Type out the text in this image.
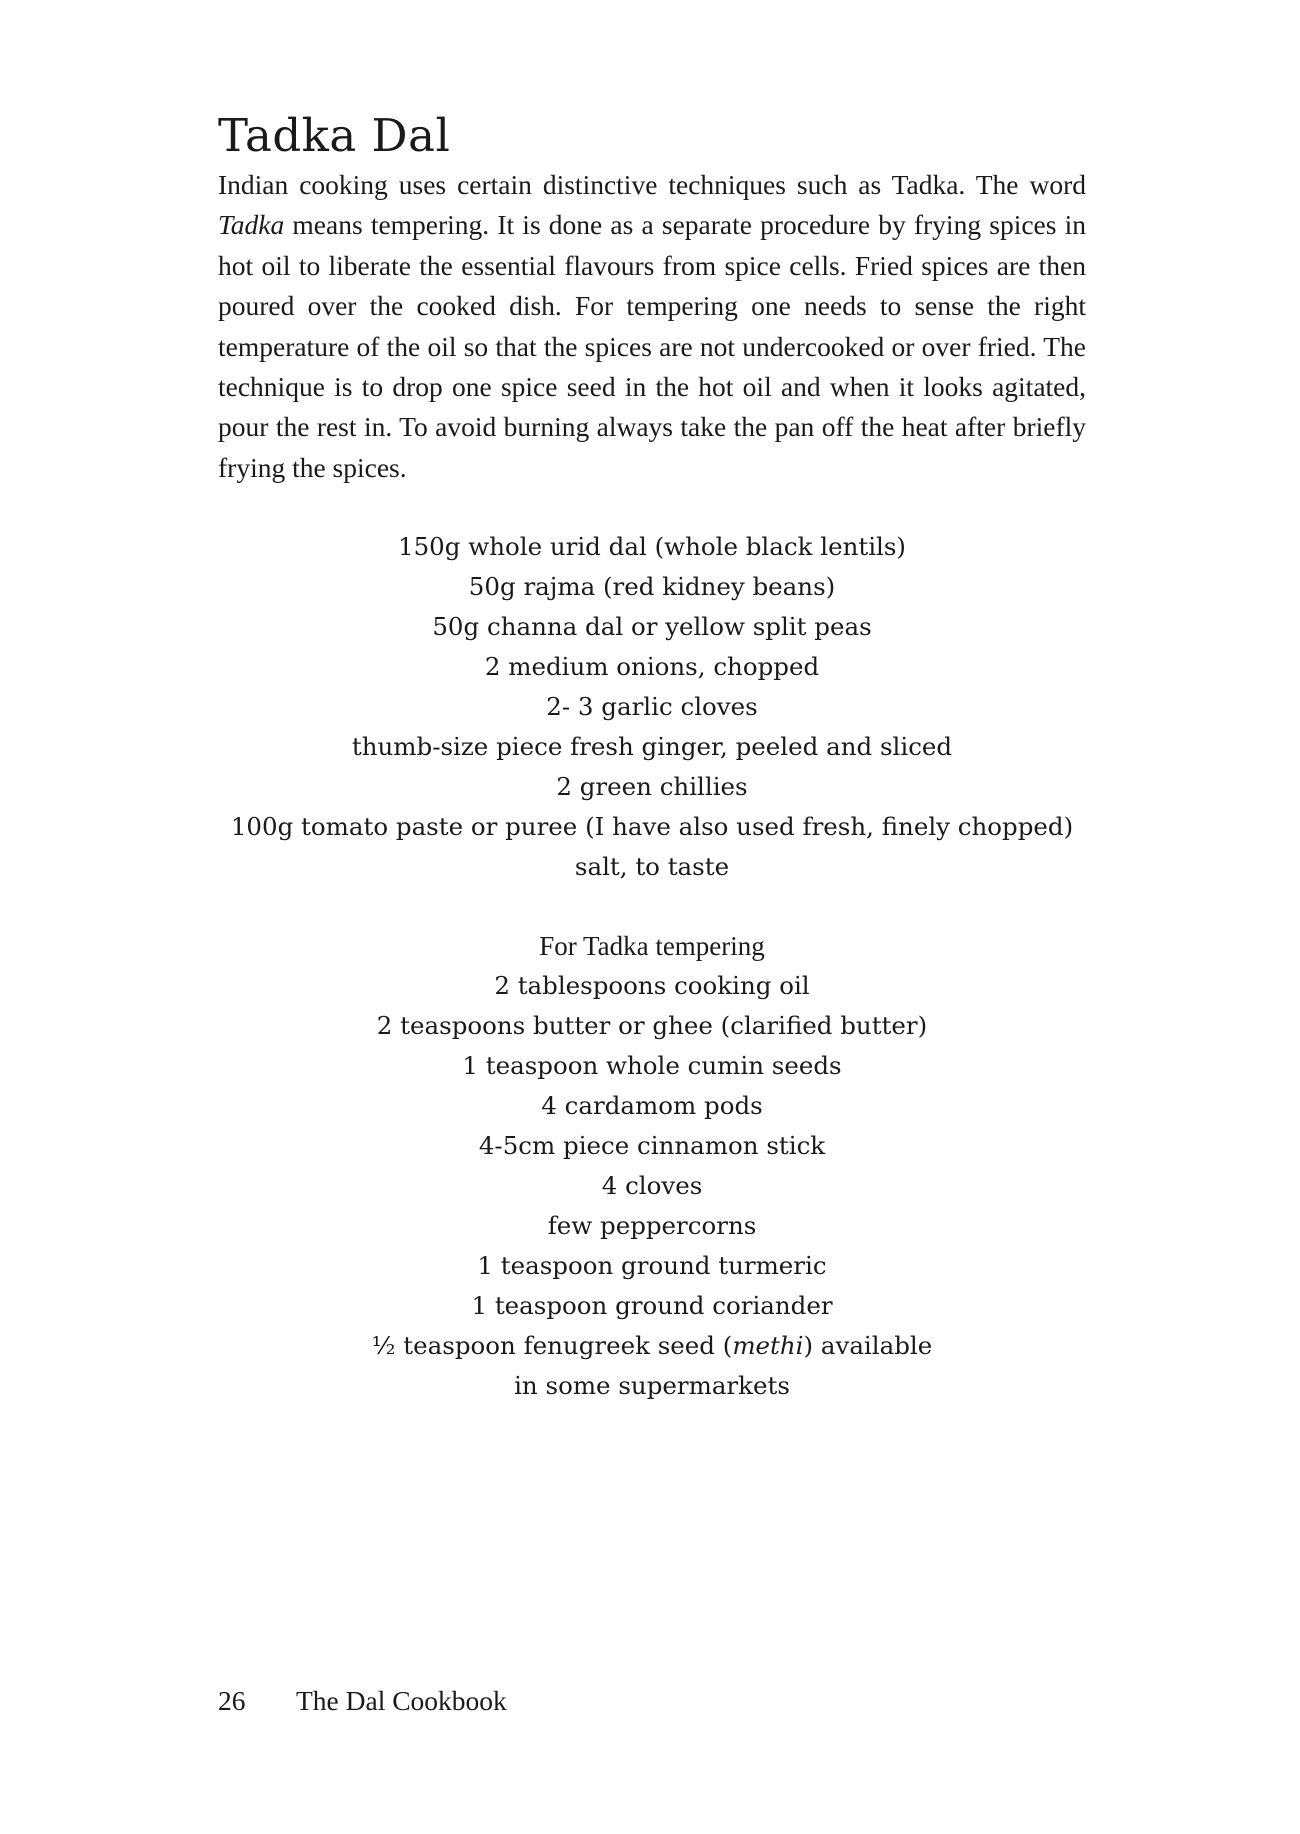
Tadka Dal

Indian cooking uses certain distinctive techniques such as Tadka. The word Tadka means tempering. It is done as a separate procedure by frying spices in hot oil to liberate the essential flavours from spice cells. Fried spices are then poured over the cooked dish. For tempering one needs to sense the right temperature of the oil so that the spices are not undercooked or over fried. The technique is to drop one spice seed in the hot oil and when it looks agitated, pour the rest in. To avoid burning always take the pan off the heat after briefly frying the spices.

150g whole urid dal (whole black lentils)
50g rajma (red kidney beans)
50g channa dal or yellow split peas
2 medium onions, chopped
2- 3 garlic cloves
thumb-size piece fresh ginger, peeled and sliced
2 green chillies
100g tomato paste or puree (I have also used fresh, finely chopped)
salt, to taste
For Tadka tempering
2 tablespoons cooking oil
2 teaspoons butter or ghee (clarified butter)
1 teaspoon whole cumin seeds
4 cardamom pods
4-5cm piece cinnamon stick
4 cloves
few peppercorns
1 teaspoon ground turmeric
1 teaspoon ground coriander
½ teaspoon fenugreek seed (methi) available
in some supermarkets
26 The Dal Cookbook
